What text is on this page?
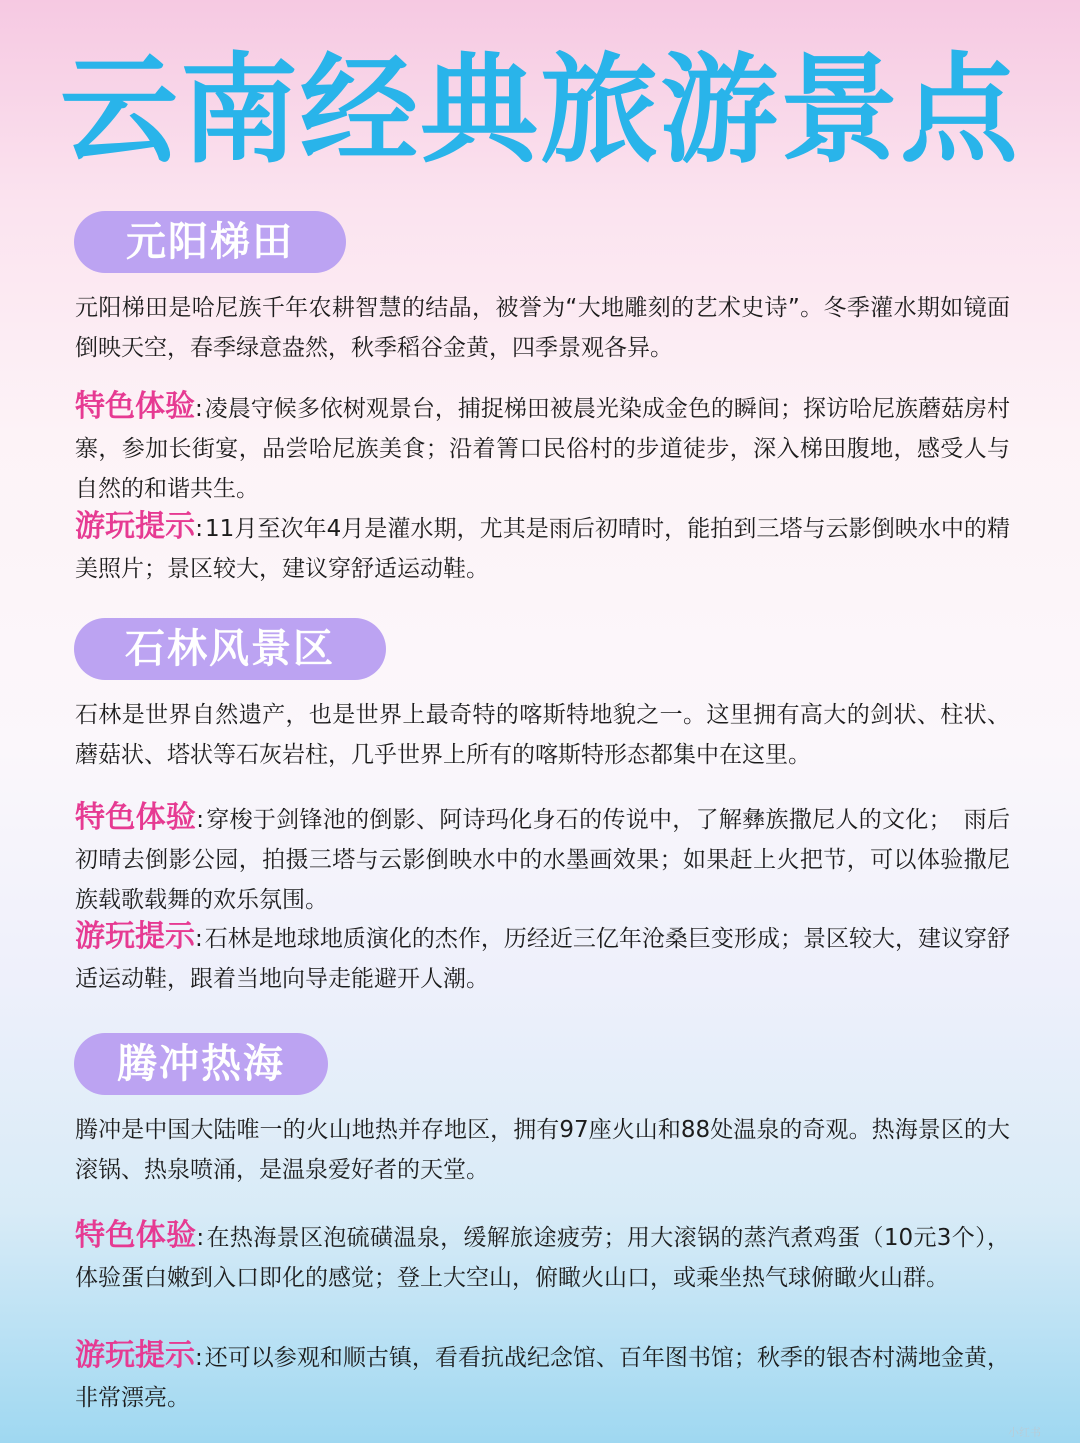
云南经典旅游景点
元阳梯田

元阳梯田是哈尼族千年农耕智慧的结晶，被誉为“大地雕刻的艺术史诗”。冬季灌水期如镜面倒映天空，春季绿意盎然，秋季稻谷金黄，四季景观各异。

特色体验:凌晨守候多依树观景台，捕捉梯田被晨光染成金色的瞬间；探访哈尼族蘑菇房村寨，参加长街宴，品尝哈尼族美食；沿着箐口民俗村的步道徒步，深入梯田腹地，感受人与自然的和谐共生。

游玩提示:11月至次年4月是灌水期，尤其是雨后初晴时，能拍到三塔与云影倒映水中的精美照片；景区较大，建议穿舒适运动鞋。

石林风景区

石林是世界自然遗产，也是世界上最奇特的喀斯特地貌之一。这里拥有高大的剑状、柱状、蘑菇状、塔状等石灰岩柱，几乎世界上所有的喀斯特形态都集中在这里。

特色体验:穿梭于剑锋池的倒影、阿诗玛化身石的传说中，了解彝族撒尼人的文化；　雨后初晴去倒影公园，拍摄三塔与云影倒映水中的水墨画效果；如果赶上火把节，可以体验撒尼族载歌载舞的欢乐氛围。

游玩提示:石林是地球地质演化的杰作，历经近三亿年沧桑巨变形成；景区较大，建议穿舒适运动鞋，跟着当地向导走能避开人潮。

腾冲热海

腾冲是中国大陆唯一的火山地热并存地区，拥有97座火山和88处温泉的奇观。热海景区的大滚锅、热泉喷涌，是温泉爱好者的天堂。

特色体验:在热海景区泡硫磺温泉，缓解旅途疲劳；用大滚锅的蒸汽煮鸡蛋（10元3个），体验蛋白嫩到入口即化的感觉；登上大空山，俯瞰火山口，或乘坐热气球俯瞰火山群。

游玩提示:还可以参观和顺古镇，看看抗战纪念馆、百年图书馆；秋季的银杏村满地金黄，非常漂亮。

小红书
